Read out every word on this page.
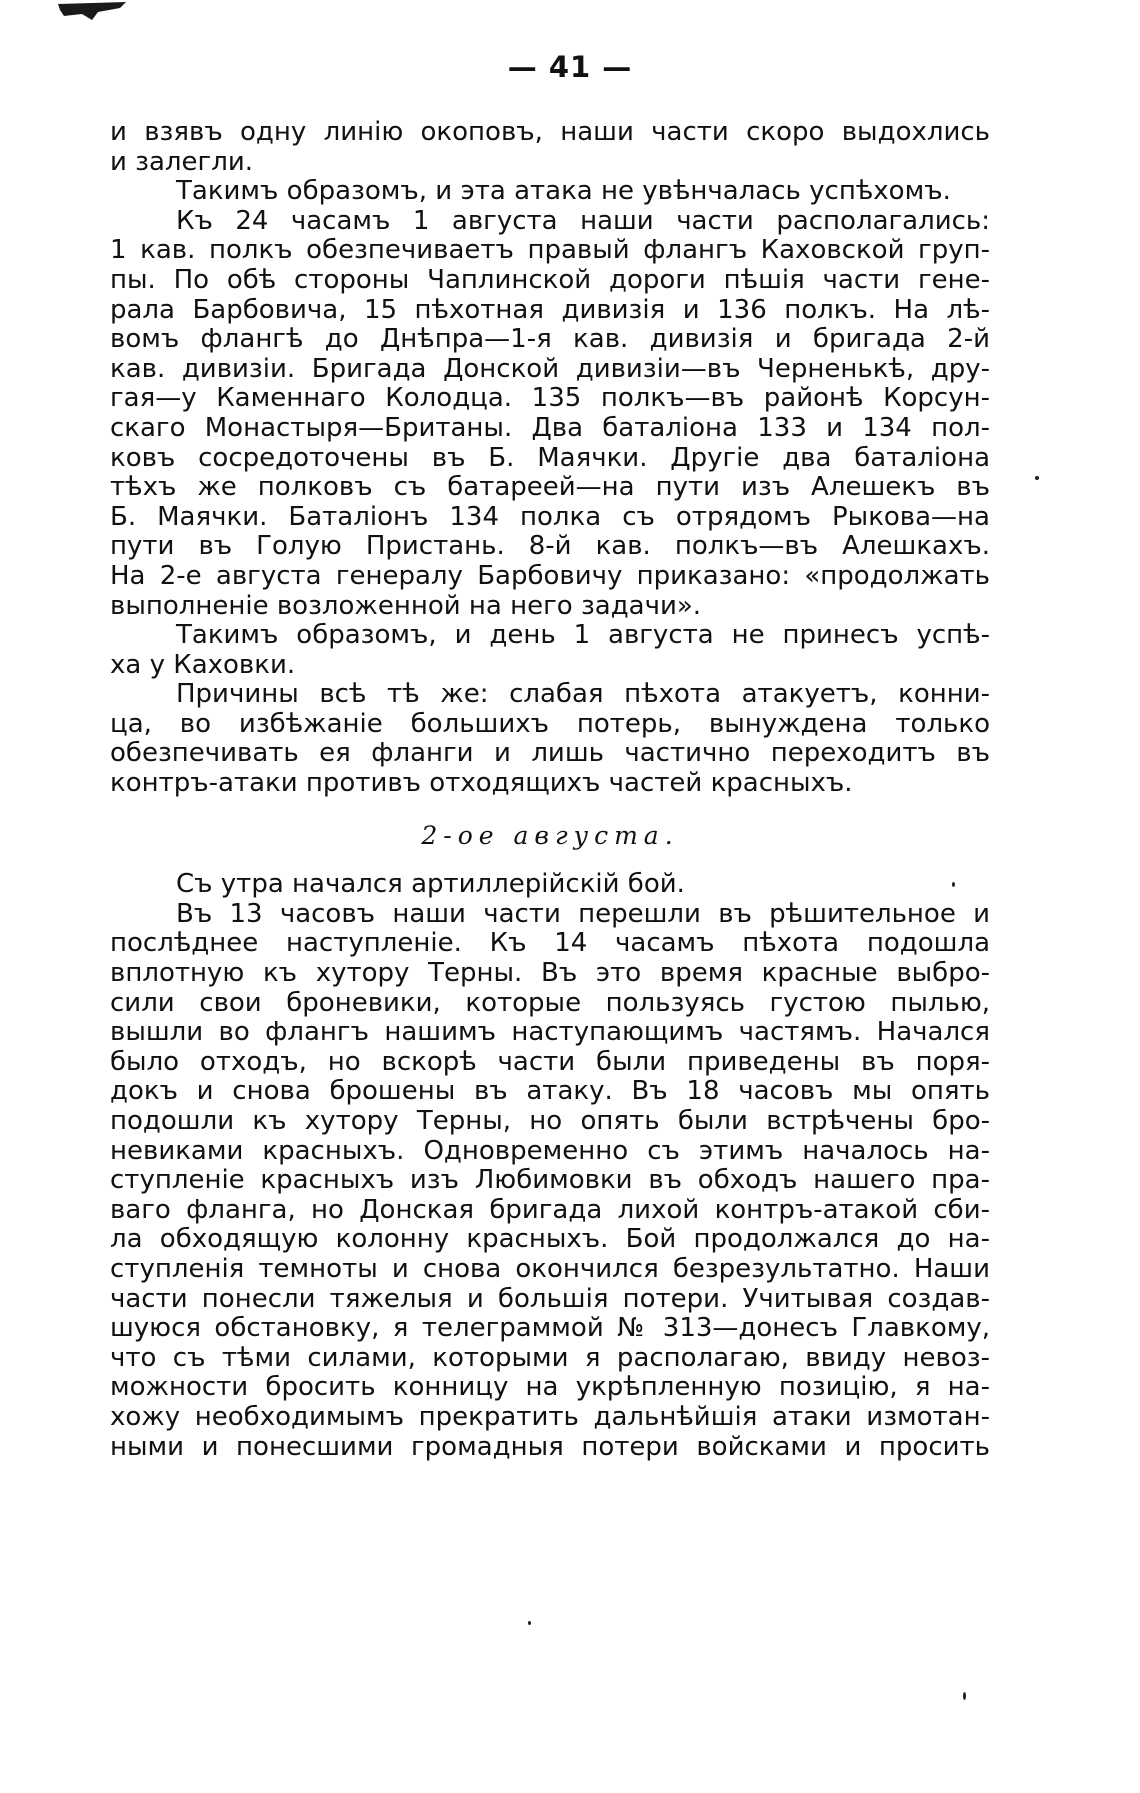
— 41 —
и взявъ одну линію окоповъ, наши части скоро выдохлись
и залегли.
Такимъ образомъ, и эта атака не увѣнчалась успѣхомъ.
Къ 24 часамъ 1 августа наши части располагались:
1 кав. полкъ обезпечиваетъ правый флангъ Каховской груп-
пы. По обѣ стороны Чаплинской дороги пѣшія части гене-
рала Барбовича, 15 пѣхотная дивизія и 136 полкъ. На лѣ-
вомъ флангѣ до Днѣпра—1-я кав. дивизія и бригада 2-й
кав. дивизіи. Бригада Донской дивизіи—въ Черненькѣ, дру-
гая—у Каменнаго Колодца. 135 полкъ—въ районѣ Корсун-
скаго Монастыря—Британы. Два баталіона 133 и 134 пол-
ковъ сосредоточены въ Б. Маячки. Другіе два баталіона
тѣхъ же полковъ съ батареей—на пути изъ Алешекъ въ
Б. Маячки. Баталіонъ 134 полка съ отрядомъ Рыкова—на
пути въ Голую Пристань. 8-й кав. полкъ—въ Алешкахъ.
На 2-е августа генералу Барбовичу приказано: «продолжать
выполненіе возложенной на него задачи».
Такимъ образомъ, и день 1 августа не принесъ успѣ-
ха у Каховки.
Причины всѣ тѣ же: слабая пѣхота атакуетъ, конни-
ца, во избѣжаніе большихъ потерь, вынуждена только
обезпечивать ея фланги и лишь частично переходитъ въ
контръ-атаки противъ отходящихъ частей красныхъ.
2-ое августа.
Съ утра начался артиллерійскій бой.
Въ 13 часовъ наши части перешли въ рѣшительное и
послѣднее наступленіе. Къ 14 часамъ пѣхота подошла
вплотную къ хутору Терны. Въ это время красные выбро-
сили свои броневики, которые пользуясь густою пылью,
вышли во флангъ нашимъ наступающимъ частямъ. Начался
было отходъ, но вскорѣ части были приведены въ поря-
докъ и снова брошены въ атаку. Въ 18 часовъ мы опять
подошли къ хутору Терны, но опять были встрѣчены бро-
невиками красныхъ. Одновременно съ этимъ началось на-
ступленіе красныхъ изъ Любимовки въ обходъ нашего пра-
ваго фланга, но Донская бригада лихой контръ-атакой сби-
ла обходящую колонну красныхъ. Бой продолжался до на-
ступленія темноты и снова окончился безрезультатно. Наши
части понесли тяжелыя и большія потери. Учитывая создав-
шуюся обстановку, я телеграммой № 313—донесъ Главкому,
что съ тѣми силами, которыми я располагаю, ввиду невоз-
можности бросить конницу на укрѣпленную позицію, я на-
хожу необходимымъ прекратить дальнѣйшія атаки измотан-
ными и понесшими громадныя потери войсками и просить
